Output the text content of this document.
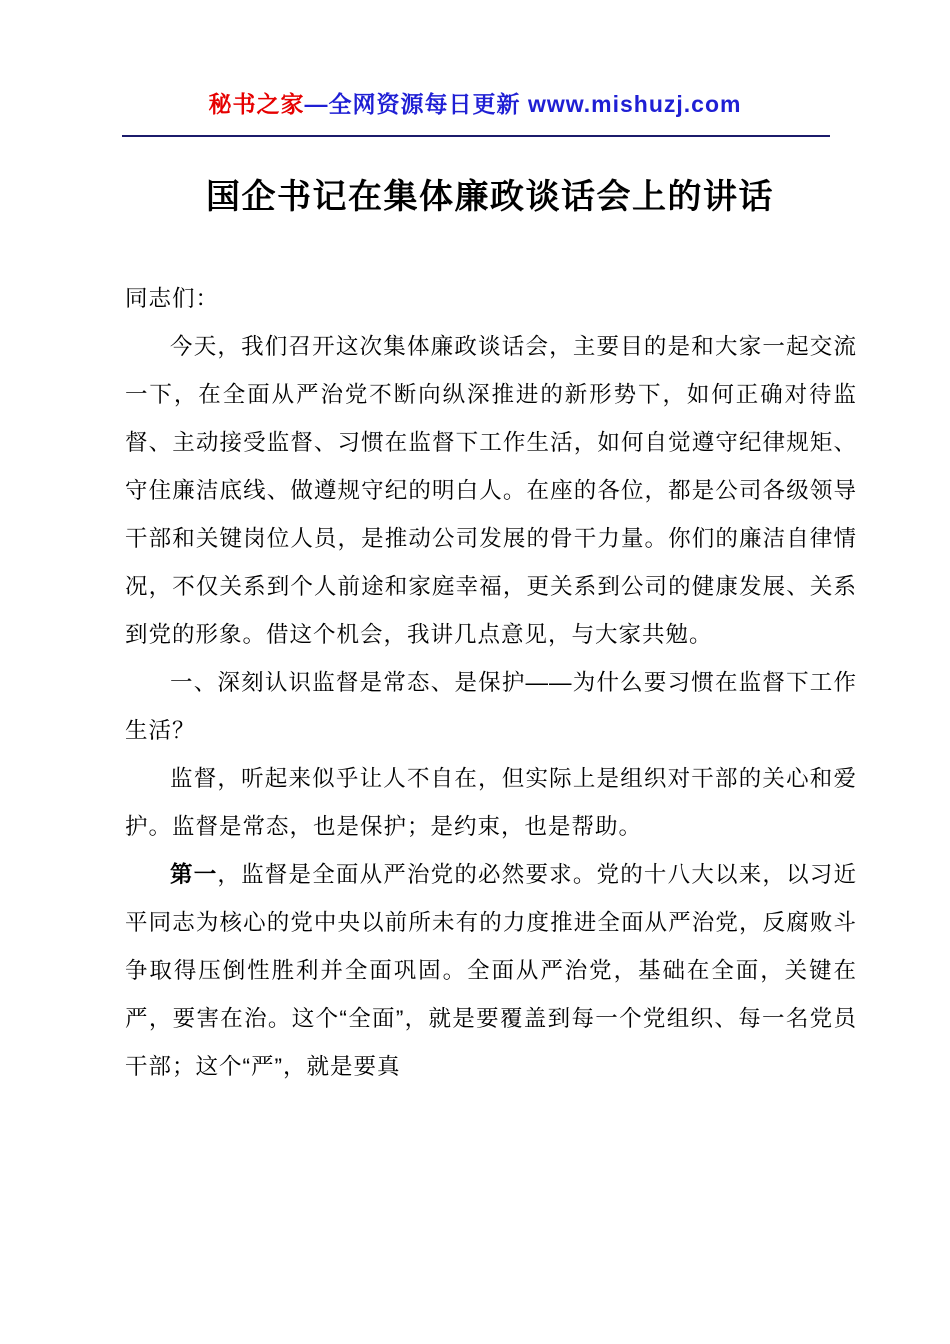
秘书之家—全网资源每日更新 www.mishuzj.com
国企书记在集体廉政谈话会上的讲话

同志们：

今天，我们召开这次集体廉政谈话会，主要目的是和大家一起交流一下，在全面从严治党不断向纵深推进的新形势下，如何正确对待监督、主动接受监督、习惯在监督下工作生活，如何自觉遵守纪律规矩、守住廉洁底线、做遵规守纪的明白人。在座的各位，都是公司各级领导干部和关键岗位人员，是推动公司发展的骨干力量。你们的廉洁自律情况，不仅关系到个人前途和家庭幸福，更关系到公司的健康发展、关系到党的形象。借这个机会，我讲几点意见，与大家共勉。

一、深刻认识监督是常态、是保护——为什么要习惯在监督下工作生活？

监督，听起来似乎让人不自在，但实际上是组织对干部的关心和爱护。监督是常态，也是保护；是约束，也是帮助。

第一，监督是全面从严治党的必然要求。党的十八大以来，以习近平同志为核心的党中央以前所未有的力度推进全面从严治党，反腐败斗争取得压倒性胜利并全面巩固。全面从严治党，基础在全面，关键在严，要害在治。这个“全面”，就是要覆盖到每一个党组织、每一名党员干部；这个“严”，就是要真
